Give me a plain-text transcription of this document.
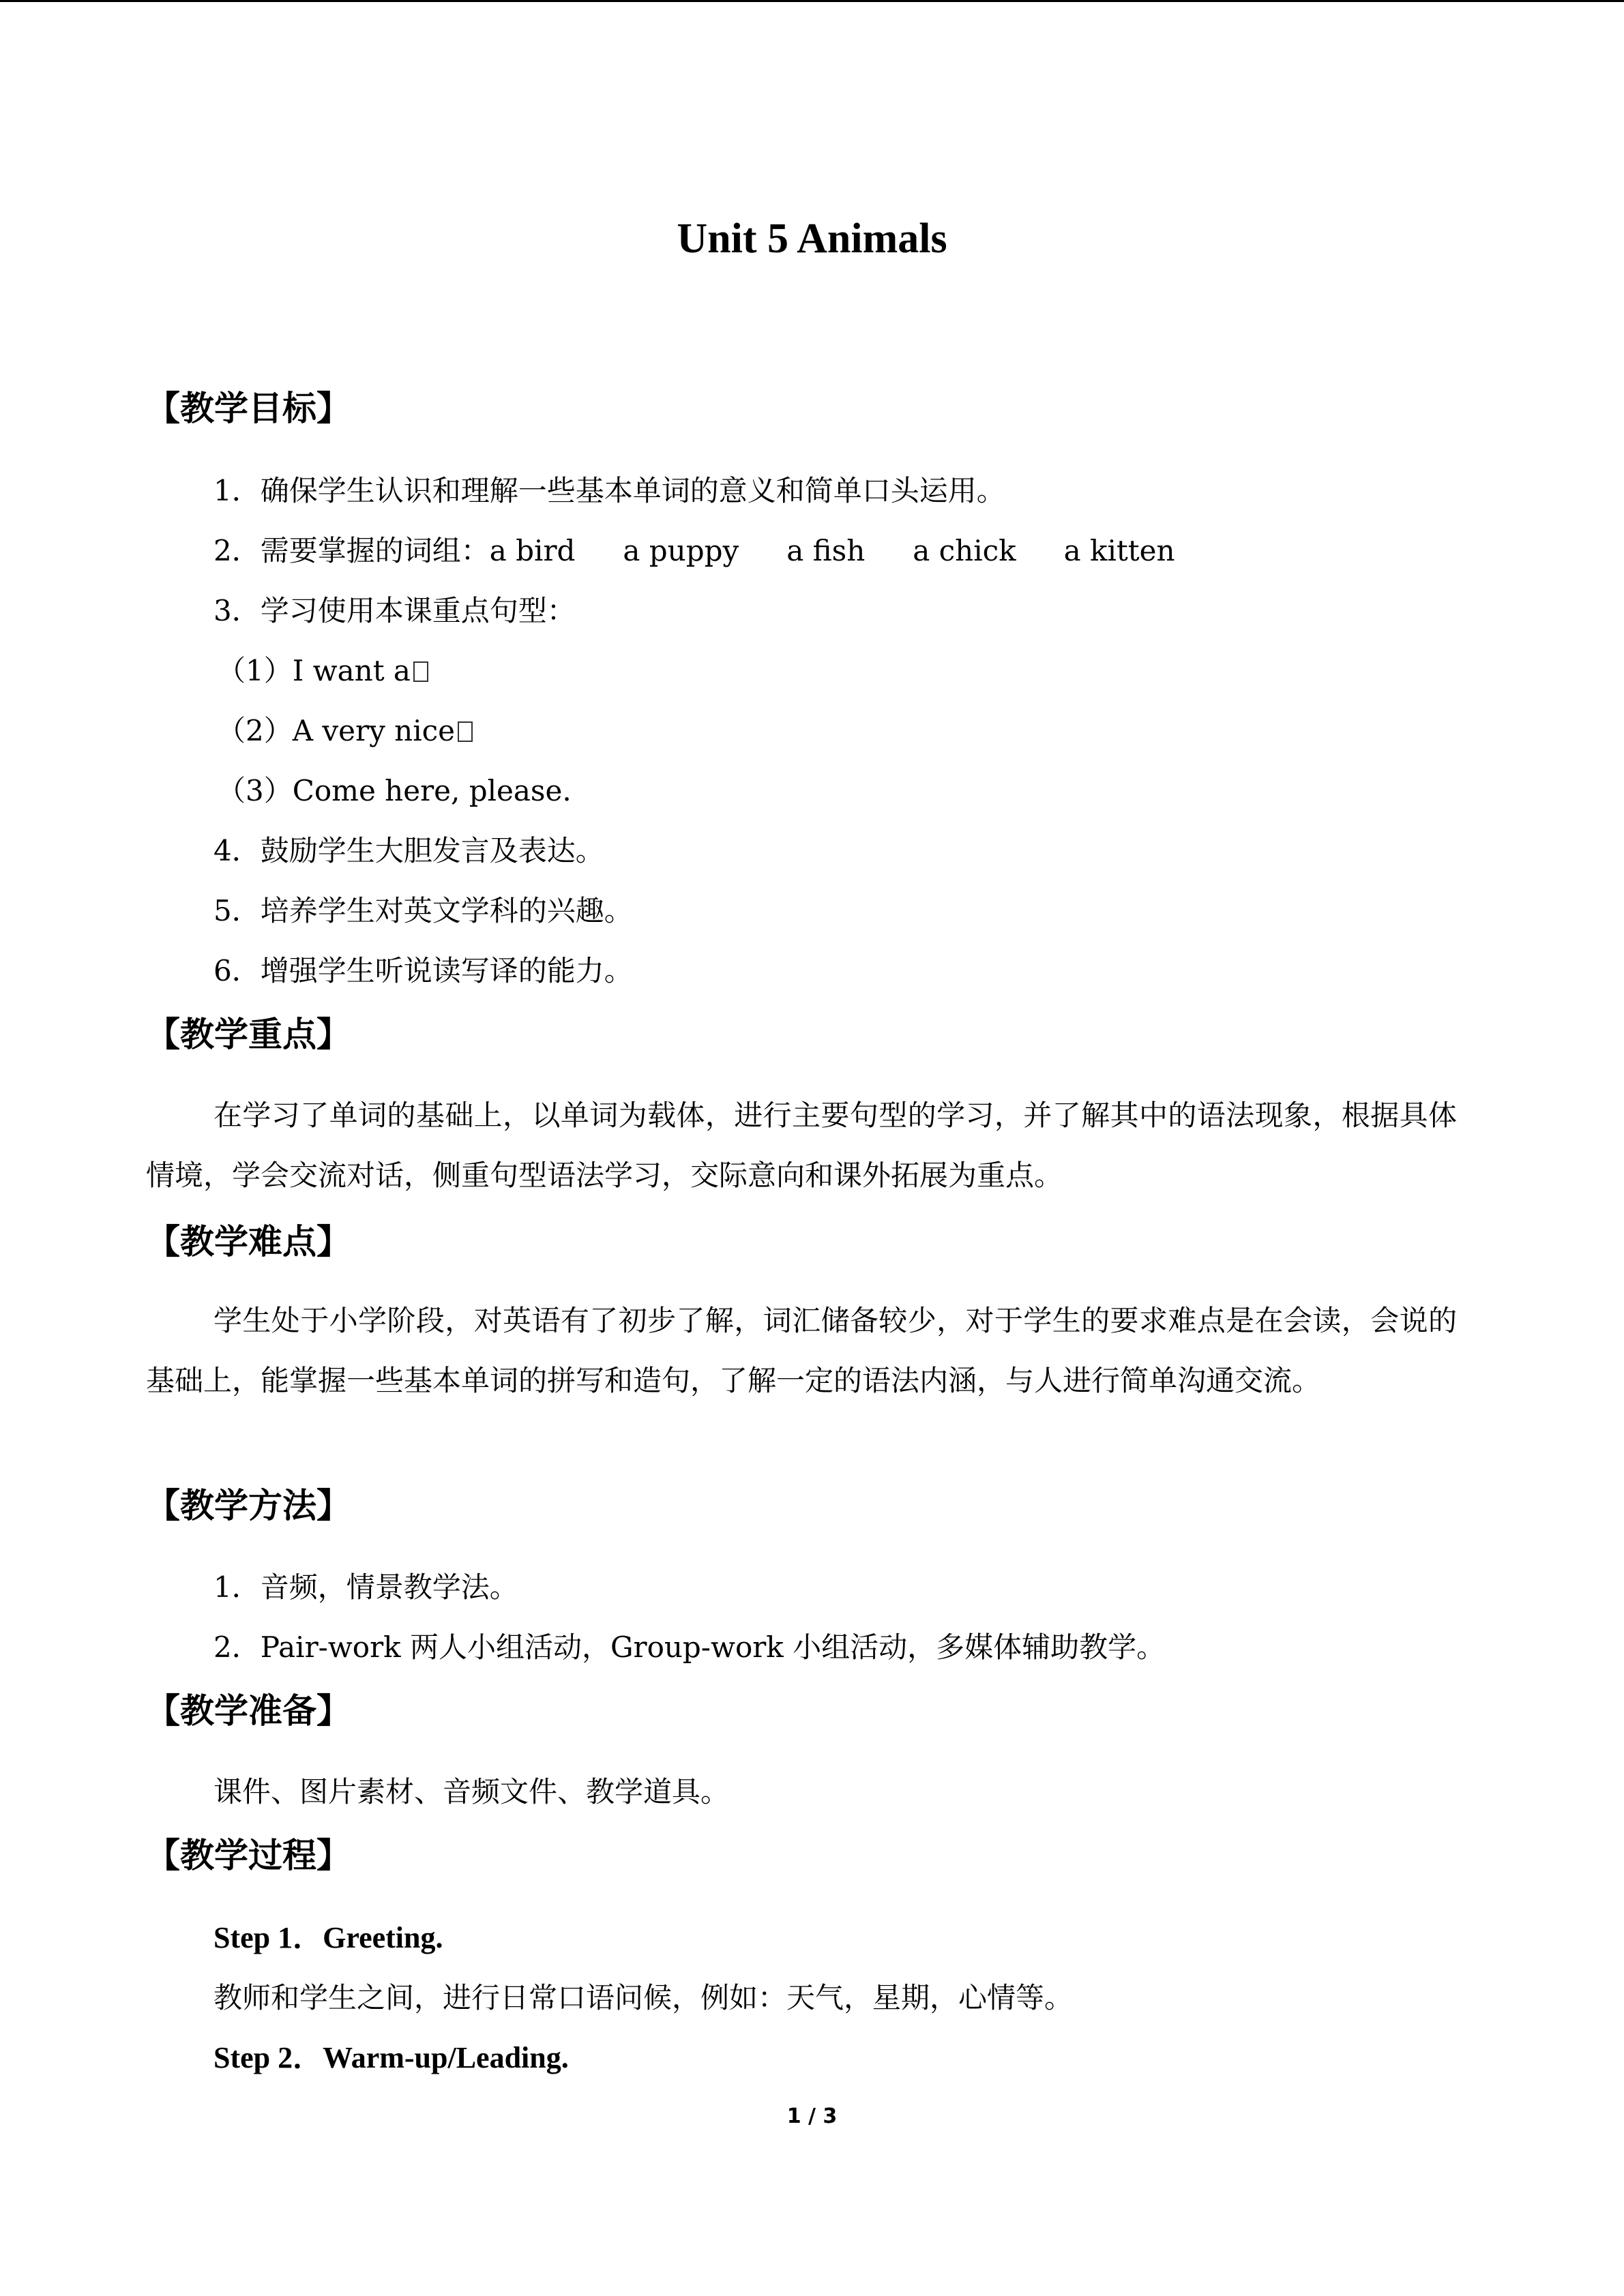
Unit 5 Animals
【教学目标】
1．确保学生认识和理解一些基本单词的意义和简单口头运用。
2．需要掌握的词组：a bird a puppy a fish a chick a kitten
3．学习使用本课重点句型：
（1）I want a
（2）A very nice
（3）Come here, please.
4．鼓励学生大胆发言及表达。
5．培养学生对英文学科的兴趣。
6．增强学生听说读写译的能力。
【教学重点】
在学习了单词的基础上，以单词为载体，进行主要句型的学习，并了解其中的语法现象，根据具体情境，学会交流对话，侧重句型语法学习，交际意向和课外拓展为重点。
【教学难点】
学生处于小学阶段，对英语有了初步了解，词汇储备较少，对于学生的要求难点是在会读，会说的基础上，能掌握一些基本单词的拼写和造句，了解一定的语法内涵，与人进行简单沟通交流。
【教学方法】
1．音频，情景教学法。
2．Pair-work 两人小组活动，Group-work 小组活动，多媒体辅助教学。
【教学准备】
课件、图片素材、音频文件、教学道具。
【教学过程】
Step 1．Greeting.
教师和学生之间，进行日常口语问候，例如：天气，星期，心情等。
Step 2．Warm-up/Leading.
1 / 3
